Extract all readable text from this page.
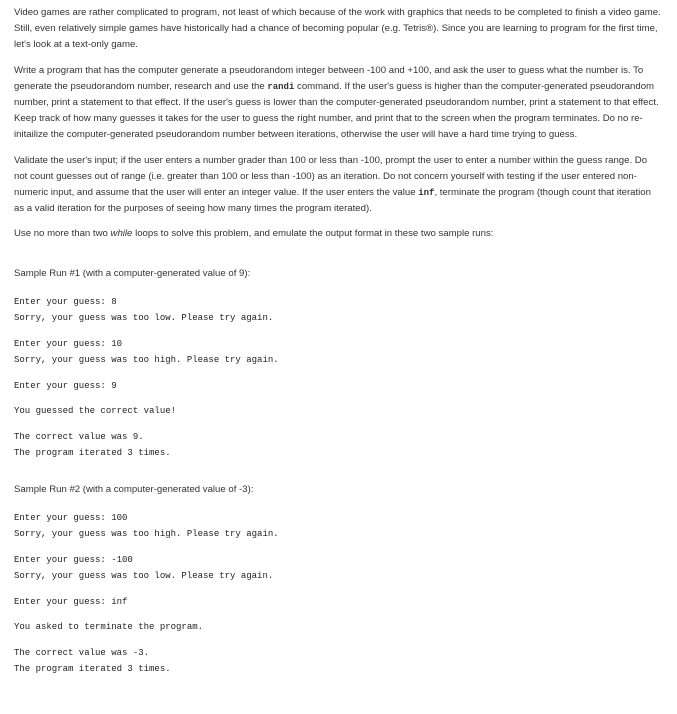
Video games are rather complicated to program, not least of which because of the work with graphics that needs to be completed to finish a video game. Still, even relatively simple games have historically had a chance of becoming popular (e.g. Tetris®). Since you are learning to program for the first time, let's look at a text-only game.

Write a program that has the computer generate a pseudorandom integer between -100 and +100, and ask the user to guess what the number is. To generate the pseudorandom number, research and use the randi command. If the user's guess is higher than the computer-generated pseudorandom number, print a statement to that effect. If the user's guess is lower than the computer-generated pseudorandom number, print a statement to that effect. Keep track of how many guesses it takes for the user to guess the right number, and print that to the screen when the program terminates. Do no re-initailize the computer-generated pseudorandom number between iterations, otherwise the user will have a hard time trying to guess.

Validate the user's input; if the user enters a number grader than 100 or less than -100, prompt the user to enter a number within the guess range. Do not count guesses out of range (i.e. greater than 100 or less than -100) as an iteration. Do not concern yourself with testing if the user entered non-numeric input, and assume that the user will enter an integer value. If the user enters the value inf, terminate the program (though count that iteration as a valid iteration for the purposes of seeing how many times the program iterated).

Use no more than two while loops to solve this problem, and emulate the output format in these two sample runs:

Sample Run #1 (with a computer-generated value of 9):
Enter your guess: 8
Sorry, your guess was too low. Please try again.
Enter your guess: 10
Sorry, your guess was too high. Please try again.
Enter your guess: 9
You guessed the correct value!
The correct value was 9.
The program iterated 3 times.
Sample Run #2 (with a computer-generated value of -3):
Enter your guess: 100
Sorry, your guess was too high. Please try again.
Enter your guess: -100
Sorry, your guess was too low. Please try again.
Enter your guess: inf
You asked to terminate the program.
The correct value was -3.
The program iterated 3 times.
